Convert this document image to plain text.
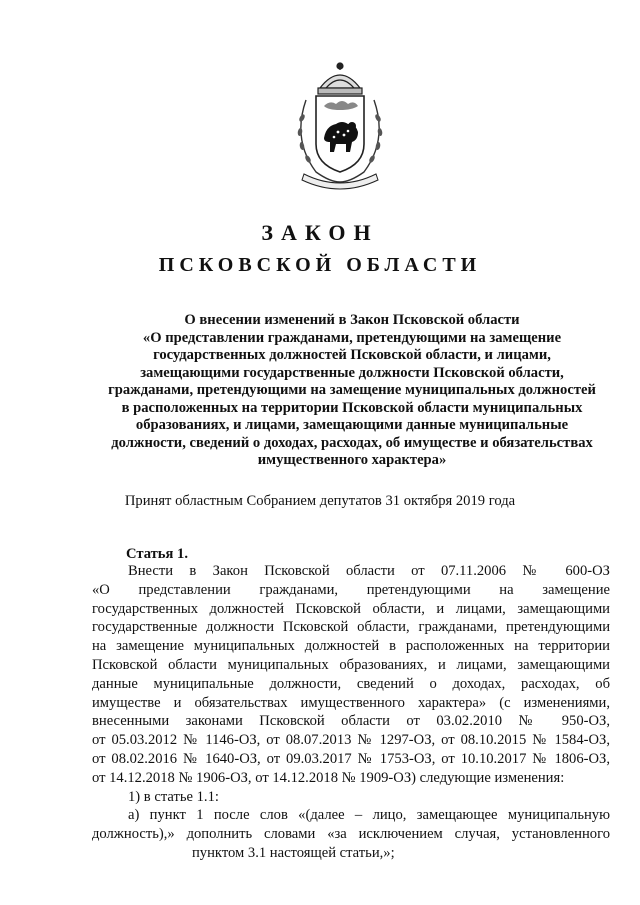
ЗАКОН
ПСКОВСКОЙ ОБЛАСТИ
О внесении изменений в Закон Псковской области
«О представлении гражданами, претендующими на замещение
государственных должностей Псковской области, и лицами,
замещающими государственные должности Псковской области,
гражданами, претендующими на замещение муниципальных должностей
в расположенных на территории Псковской области муниципальных
образованиях, и лицами, замещающими данные муниципальные
должности, сведений о доходах, расходах, об имуществе и обязательствах
имущественного характера»
Принят областным Собранием депутатов 31 октября 2019 года
Статья 1.
Внести в Закон Псковской области от 07.11.2006 № 600-ОЗ
«О представлении гражданами, претендующими на замещение
государственных должностей Псковской области, и лицами, замещающими
государственные должности Псковской области, гражданами, претендующими
на замещение муниципальных должностей в расположенных на территории
Псковской области муниципальных образованиях, и лицами, замещающими
данные муниципальные должности, сведений о доходах, расходах, об
имуществе и обязательствах имущественного характера» (с изменениями,
внесенными законами Псковской области от 03.02.2010 № 950-ОЗ,
от 05.03.2012 № 1146-ОЗ, от 08.07.2013 № 1297-ОЗ, от 08.10.2015 № 1584-ОЗ,
от 08.02.2016 № 1640-ОЗ, от 09.03.2017 № 1753-ОЗ, от 10.10.2017 № 1806-ОЗ,
от 14.12.2018 № 1906-ОЗ, от 14.12.2018 № 1909-ОЗ) следующие изменения:
1) в статье 1.1:
а) пункт 1 после слов «(далее – лицо, замещающее муниципальную
должность),» дополнить словами «за исключением случая, установленного
пунктом 3.1 настоящей статьи,»;
